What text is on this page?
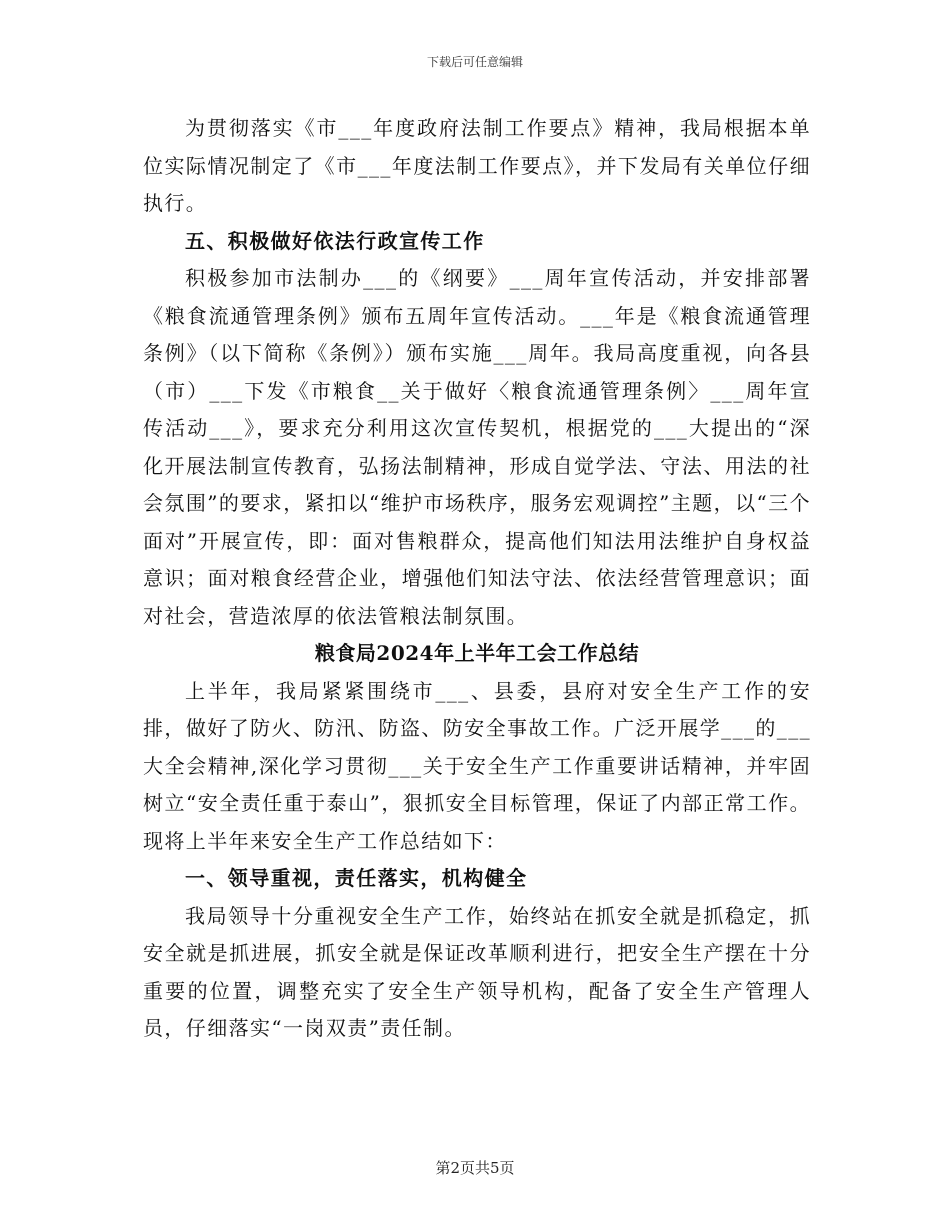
下载后可任意编辑

为贯彻落实《市___年度政府法制工作要点》精神，我局根据本单位实际情况制定了《市___年度法制工作要点》，并下发局有关单位仔细执行。

五、积极做好依法行政宣传工作

积极参加市法制办___的《纲要》___周年宣传活动，并安排部署《粮食流通管理条例》颁布五周年宣传活动。___年是《粮食流通管理条例》（以下简称《条例》）颁布实施___周年。我局高度重视，向各县（市）___下发《市粮食__关于做好〈粮食流通管理条例〉___周年宣传活动___》，要求充分利用这次宣传契机，根据党的___大提出的“深化开展法制宣传教育，弘扬法制精神，形成自觉学法、守法、用法的社会氛围”的要求，紧扣以“维护市场秩序，服务宏观调控”主题，以“三个面对”开展宣传，即：面对售粮群众，提高他们知法用法维护自身权益意识；面对粮食经营企业，增强他们知法守法、依法经营管理意识；面对社会，营造浓厚的依法管粮法制氛围。

粮食局2024年上半年工会工作总结

上半年，我局紧紧围绕市___、县委，县府对安全生产工作的安排，做好了防火、防汛、防盗、防安全事故工作。广泛开展学___的___大全会精神,深化学习贯彻___关于安全生产工作重要讲话精神，并牢固树立“安全责任重于泰山”，狠抓安全目标管理，保证了内部正常工作。现将上半年来安全生产工作总结如下：

一、领导重视，责任落实，机构健全

我局领导十分重视安全生产工作，始终站在抓安全就是抓稳定，抓安全就是抓进展，抓安全就是保证改革顺利进行，把安全生产摆在十分重要的位置，调整充实了安全生产领导机构，配备了安全生产管理人员，仔细落实“一岗双责”责任制。

第2页共5页
